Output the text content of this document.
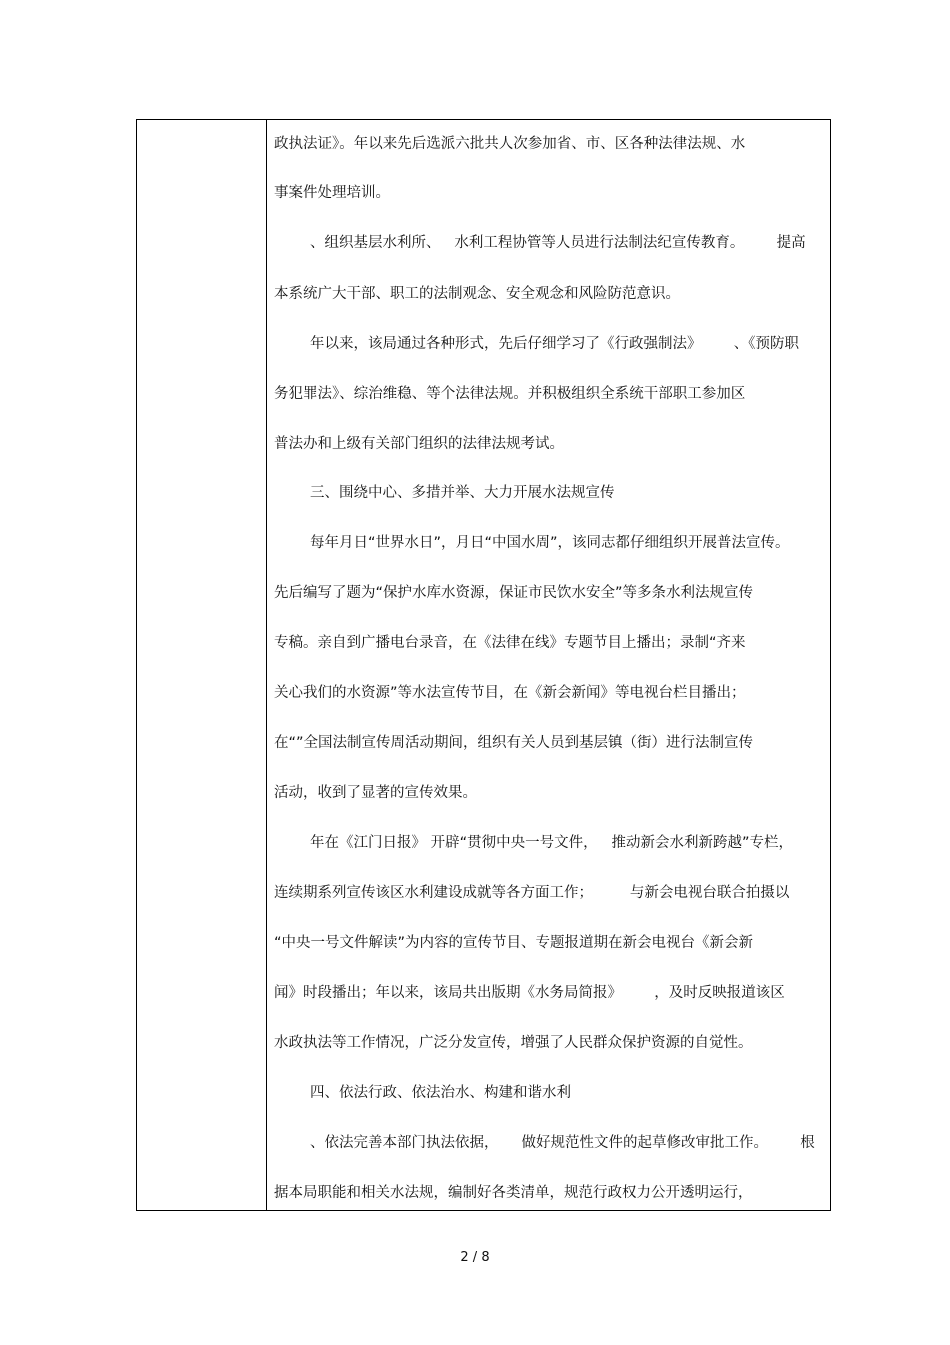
政执法证》。年以来先后选派六批共人次参加省、市、区各种法律法规、水
事案件处理培训。
、组织基层水利所、   水利工程协管等人员进行法制法纪宣传教育。       提高
本系统广大干部、职工的法制观念、安全观念和风险防范意识。
年以来，该局通过各种形式，先后仔细学习了《行政强制法》       、《预防职
务犯罪法》、综治维稳、等个法律法规。并积极组织全系统干部职工参加区
普法办和上级有关部门组织的法律法规考试。
三、围绕中心、多措并举、大力开展水法规宣传
每年月日“世界水日”，月日“中国水周”，该同志都仔细组织开展普法宣传。
先后编写了题为“保护水库水资源，保证市民饮水安全”等多条水利法规宣传
专稿。亲自到广播电台录音，在《法律在线》专题节目上播出；录制“齐来
关心我们的水资源”等水法宣传节目，在《新会新闻》等电视台栏目播出；
在“”全国法制宣传周活动期间，组织有关人员到基层镇（街）进行法制宣传
活动，收到了显著的宣传效果。
年在《江门日报》 开辟“贯彻中央一号文件，   推动新会水利新跨越”专栏，
连续期系列宣传该区水利建设成就等各方面工作；        与新会电视台联合拍摄以
“中央一号文件解读”为内容的宣传节目、专题报道期在新会电视台《新会新
闻》时段播出；年以来，该局共出版期《水务局简报》       ，及时反映报道该区
水政执法等工作情况，广泛分发宣传，增强了人民群众保护资源的自觉性。
四、依法行政、依法治水、构建和谐水利
、依法完善本部门执法依据，     做好规范性文件的起草修改审批工作。       根
据本局职能和相关水法规，编制好各类清单，规范行政权力公开透明运行，
2 / 8
